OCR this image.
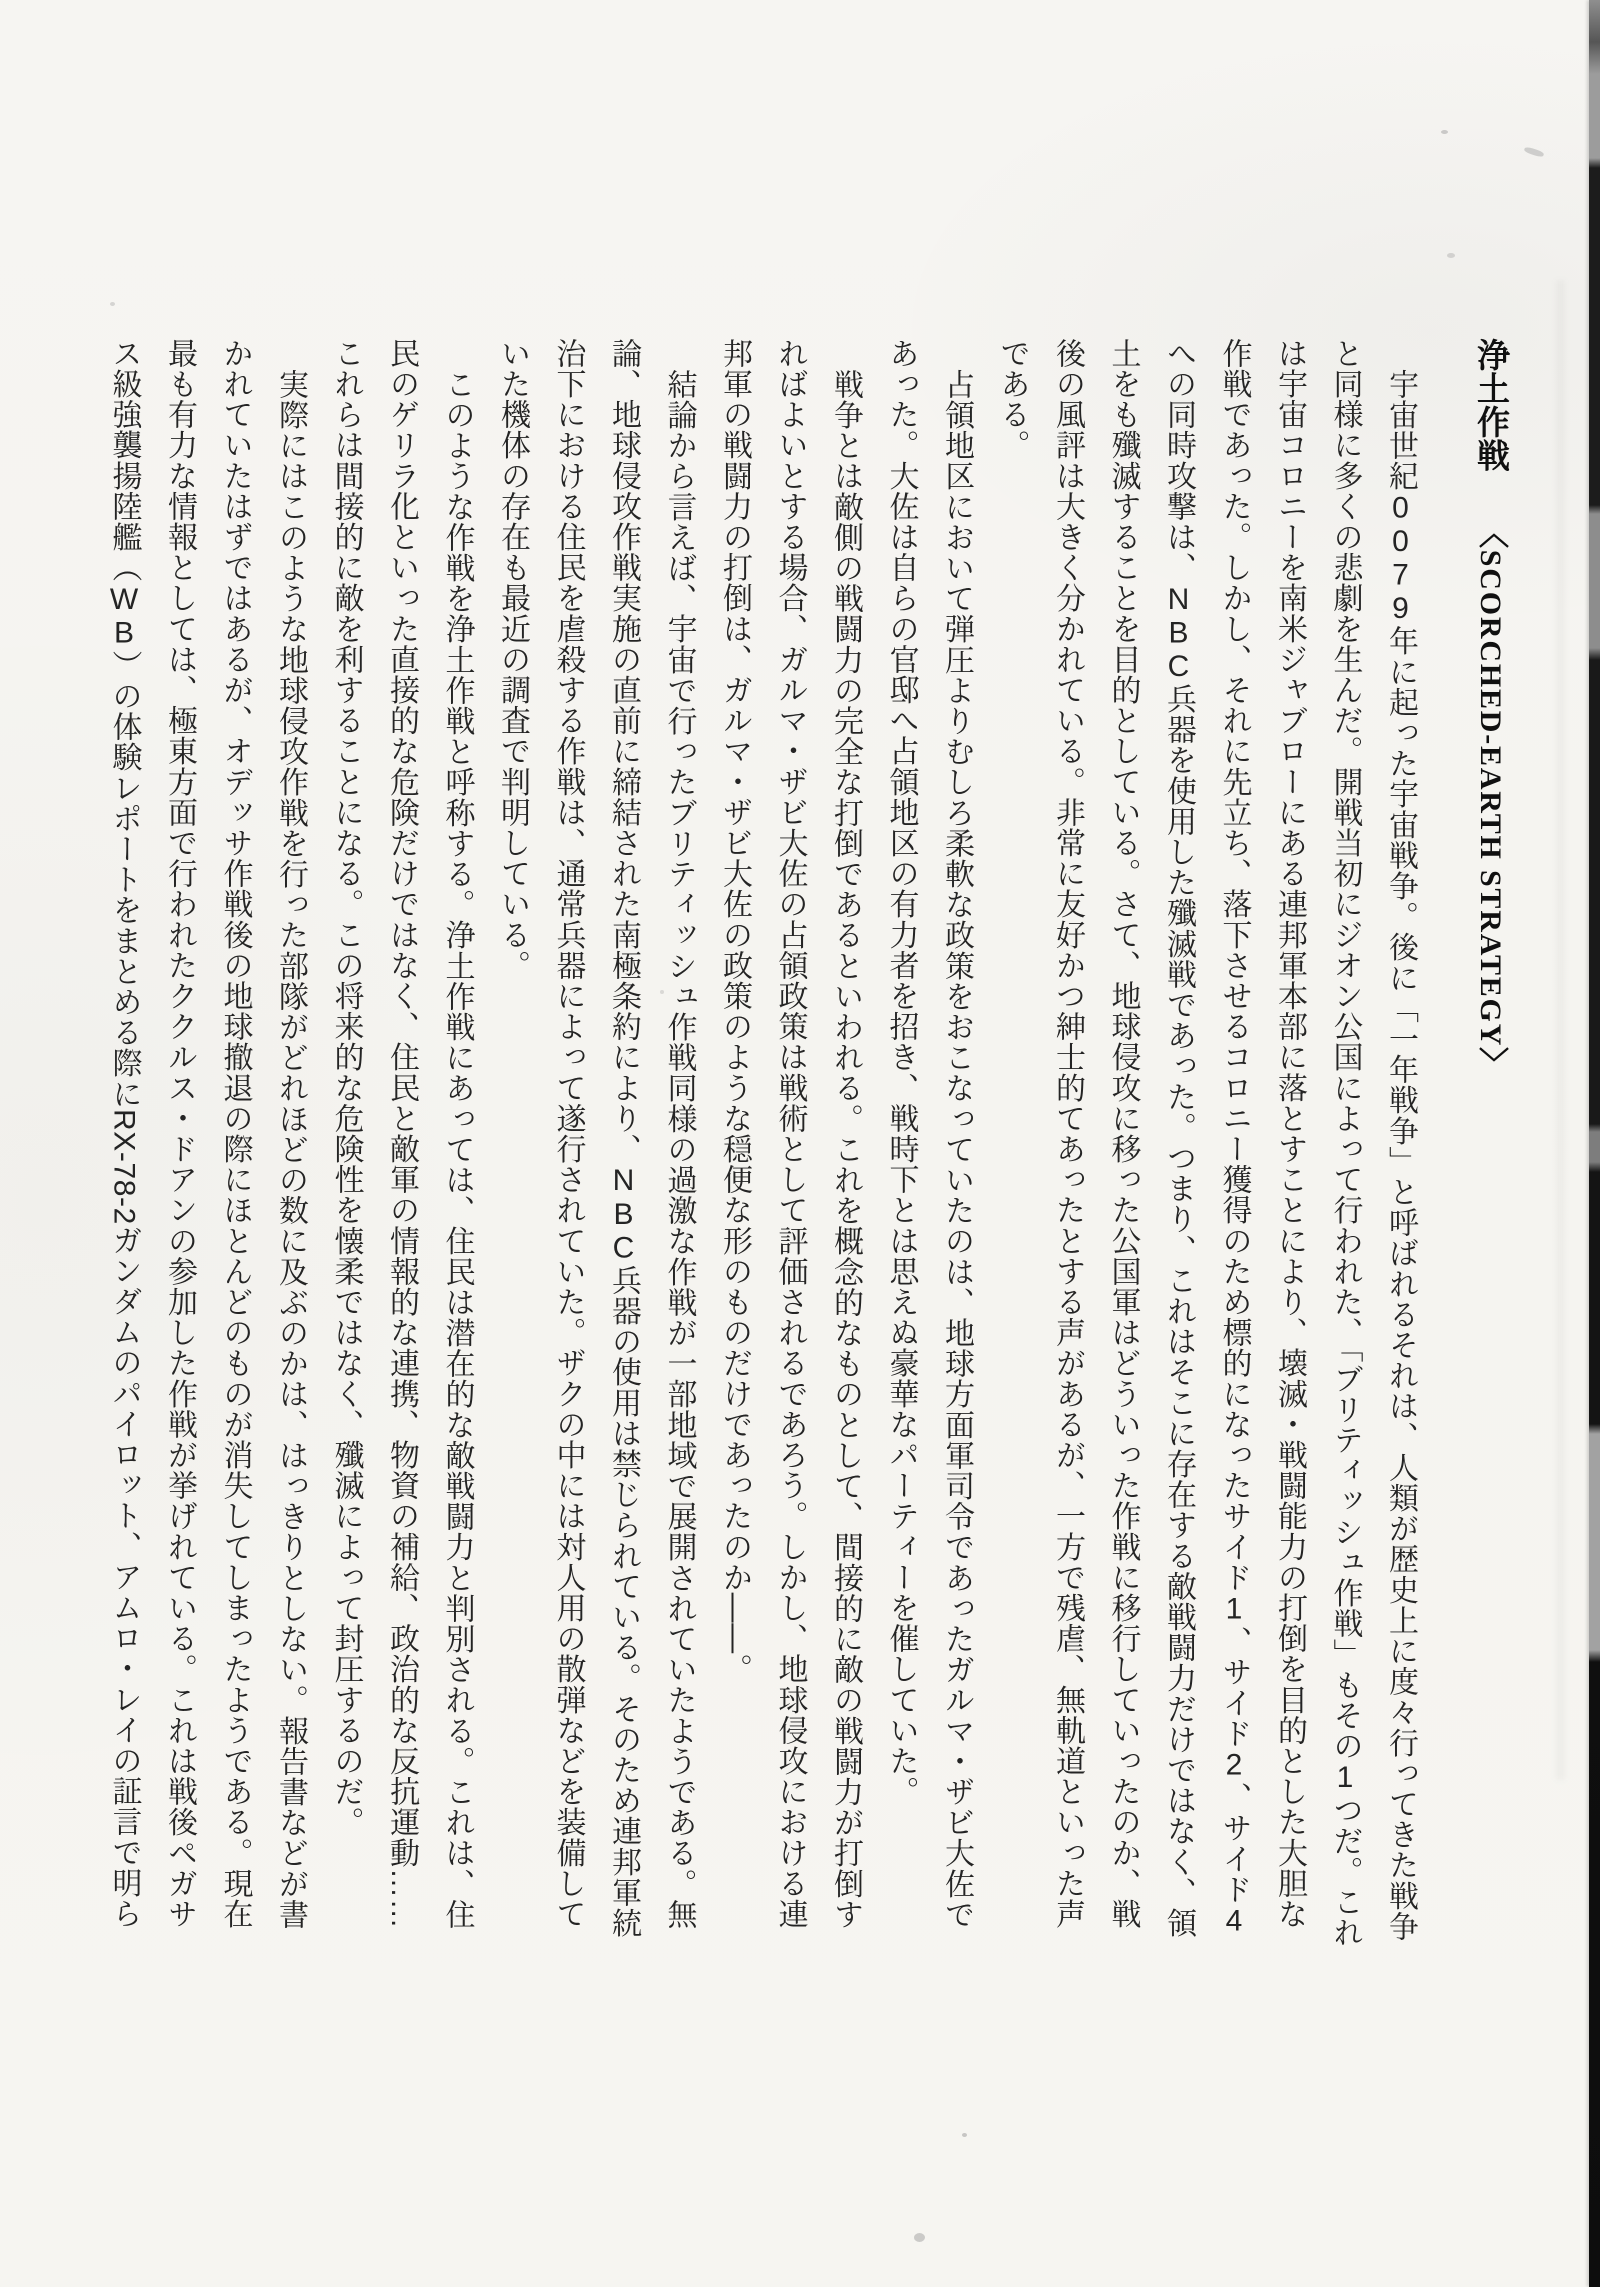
浄土作戦〈SCORCHED-EARTH STRATEGY〉
宇宙世紀0079年に起った宇宙戦争。後に「一年戦争」と呼ばれるそれは、人類が歴史上に度々行ってきた戦争
と同様に多くの悲劇を生んだ。開戦当初にジオン公国によって行われた、「ブリティッシュ作戦」もその1つだ。これ
は宇宙コロニーを南米ジャブローにある連邦軍本部に落とすことにより、壊滅・戦闘能力の打倒を目的とした大胆な
作戦であった。しかし、それに先立ち、落下させるコロニー獲得のため標的になったサイド1、サイド2、サイド4
への同時攻撃は、NBC兵器を使用した殲滅戦であった。つまり、これはそこに存在する敵戦闘力だけではなく、領
土をも殲滅することを目的としている。さて、地球侵攻に移った公国軍はどういった作戦に移行していったのか、戦
後の風評は大きく分かれている。非常に友好かつ紳士的てあったとする声があるが、一方で残虐、無軌道といった声
である。
占領地区において弾圧よりむしろ柔軟な政策をおこなっていたのは、地球方面軍司令であったガルマ・ザビ大佐で
あった。大佐は自らの官邸へ占領地区の有力者を招き、戦時下とは思えぬ豪華なパーティーを催していた。
戦争とは敵側の戦闘力の完全な打倒であるといわれる。これを概念的なものとして、間接的に敵の戦闘力が打倒す
ればよいとする場合、ガルマ・ザビ大佐の占領政策は戦術として評価されるであろう。しかし、地球侵攻における連
邦軍の戦闘力の打倒は、ガルマ・ザビ大佐の政策のような穏便な形のものだけであったのか――。
結論から言えば、宇宙で行ったブリティッシュ作戦同様の過激な作戦が一部地域で展開されていたようである。無
論、地球侵攻作戦実施の直前に締結された南極条約により、NBC兵器の使用は禁じられている。そのため連邦軍統
治下における住民を虐殺する作戦は、通常兵器によって遂行されていた。ザクの中には対人用の散弾などを装備して
いた機体の存在も最近の調査で判明している。
このような作戦を浄土作戦と呼称する。浄土作戦にあっては、住民は潜在的な敵戦闘力と判別される。これは、住
民のゲリラ化といった直接的な危険だけではなく、住民と敵軍の情報的な連携、物資の補給、政治的な反抗運動……
これらは間接的に敵を利することになる。この将来的な危険性を懐柔ではなく、殲滅によって封圧するのだ。
実際にはこのような地球侵攻作戦を行った部隊がどれほどの数に及ぶのかは、はっきりとしない。報告書などが書
かれていたはずではあるが、オデッサ作戦後の地球撤退の際にほとんどのものが消失してしまったようである。現在
最も有力な情報としては、極東方面で行われたククルス・ドアンの参加した作戦が挙げれている。これは戦後ペガサ
ス級強襲揚陸艦（WB）の体験レポートをまとめる際にRX-78-2ガンダムのパイロット、アムロ・レイの証言で明ら
